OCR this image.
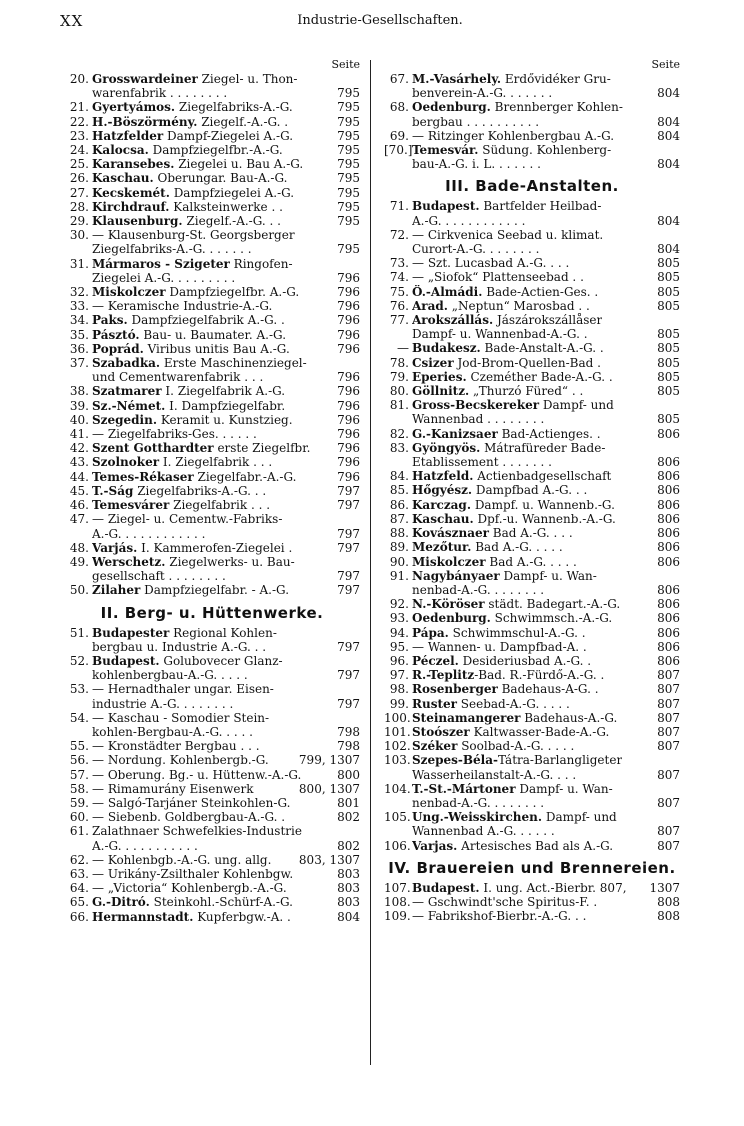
XX	Industrie-Gesellschaften.
Seite
20. Grosswardeiner Ziegel- u. Thon-
warenfabrik . . . . . . . .	795
21. Gyertyámos. Ziegelfabriks-A.-G.	795
22. H.-Böszörmény. Ziegelf.-A.-G. .	795
23. Hatzfelder Dampf-Ziegelei A.-G.	795
24. Kalocsa. Dampfziegelfbr.-A.-G.	795
25. Karansebes. Ziegelei u. Bau A.-G.	795
26. Kaschau. Oberungar. Bau-A.-G.	795
27. Kecskemét. Dampfziegelei A.-G.	795
28. Kirchdrauf. Kalksteinwerke . .	795
29. Klausenburg. Ziegelf.-A.-G. . .	795
30. — Klausenburg-St. Georgsberger
Ziegelfabriks-A.-G. . . . . . .	795
31. Mármaros - Szigeter Ringofen-
Ziegelei A.-G. . . . . . . . .	796
32. Miskolczer Dampfziegelfbr. A.-G.	796
33. — Keramische Industrie-A.-G.	796
34. Paks. Dampfziegelfabrik A.-G. .	796
35. Pásztó. Bau- u. Baumater. A.-G.	796
36. Poprád. Viribus unitis Bau A.-G.	796
37. Szabadka. Erste Maschinenziegel-
und Cementwarenfabrik . . .	796
38. Szatmarer I. Ziegelfabrik A.-G.	796
39. Sz.-Német. I. Dampfziegelfabr.	796
40. Szegedin. Keramit u. Kunstzieg.	796
41. — Ziegelfabriks-Ges. . . . . .	796
42. Szent Gotthardter erste Ziegelfbr.	796
43. Szolnoker I. Ziegelfabrik . . .	796
44. Temes-Rékaser Ziegelfabr.-A.-G.	796
45. T.-Ság Ziegelfabriks-A.-G. . .	797
46. Temesvárer Ziegelfabrik . . .	797
47. — Ziegel- u. Cementw.-Fabriks-
A.-G. . . . . . . . . . . .	797
48. Varjás. I. Kammerofen-Ziegelei .	797
49. Werschetz. Ziegelwerks- u. Bau-
gesellschaft . . . . . . . .	797
50. Zilaher Dampfziegelfabr. - A.-G.	797
II. Berg- u. Hüttenwerke.
51. Budapester Regional Kohlen-
bergbau u. Industrie A.-G. . .	797
52. Budapest. Golubovecer Glanz-
kohlenbergbau-A.-G. . . . .	797
53. — Hernadthaler ungar. Eisen-
industrie A.-G. . . . . . . .	797
54. — Kaschau - Somodier Stein-
kohlen-Bergbau-A.-G. . . . .	798
55. — Kronstädter Bergbau . . .	798
56. — Nordung. Kohlenbergb.-G.	799, 1307
57. — Oberung. Bg.- u. Hüttenw.-A.-G.	800
58. — Rimamurány Eisenwerk	800, 1307
59. — Salgó-Tarjáner Steinkohlen-G.	801
60. — Siebenb. Goldbergbau-A.-G. .	802
61. Zalathnaer Schwefelkies-Industrie
A.-G. . . . . . . . . . .	802
62. — Kohlenbgb.-A.-G. ung. allg.	803, 1307
63. — Urikány-Zsilthaler Kohlenbgw.	803
64. — „Victoria“ Kohlenbergb.-A.-G.	803
65. G.-Ditró. Steinkohl.-Schürf-A.-G.	803
66. Hermannstadt. Kupferbgw.-A. .	804
Seite
67. M.-Vasárhely. Erdővidéker Gru-
benverein-A.-G. . . . . . .	804
68. Oedenburg. Brennberger Kohlen-
bergbau . . . . . . . . . .	804
69. — Ritzinger Kohlenbergbau A.-G.	804
[70.] Temesvár. Südung. Kohlenberg-
bau-A.-G. i. L. . . . . . .	804
III. Bade-Anstalten.
71. Budapest. Bartfelder Heilbad-
A.-G. . . . . . . . . . . .	804
72. — Cirkvenica Seebad u. klimat.
Curort-A.-G. . . . . . . .	804
73. — Szt. Lucasbad A.-G. . . .	805
74. — „Siofok“ Plattenseebad . .	805
75. Ö.-Almádi. Bade-Actien-Ges. .	805
76. Arad. „Neptun“ Marosbad . .	805
77. Arokszállás. Jászárokszállåser
Dampf- u. Wannenbad-A.-G. .	805
— Budakesz. Bade-Anstalt-A.-G. .	805
78. Csizer Jod-Brom-Quellen-Bad .	805
79. Eperies. Czeméther Bade-A.-G. .	805
80. Göllnitz. „Thurzó Füred“ . .	805
81. Gross-Becskereker Dampf- und
Wannenbad . . . . . . . .	805
82. G.-Kanizsaer Bad-Actienges. .	806
83. Gyöngyös. Mátrafüreder Bade-
Etablissement . . . . . . .	806
84. Hatzfeld. Actienbadgesellschaft	806
85. Hőgyész. Dampfbad A.-G. . .	806
86. Karczag. Dampf. u. Wannenb.-G.	806
87. Kaschau. Dpf.-u. Wannenb.-A.-G.	806
88. Kovásznaer Bad A.-G. . . .	806
89. Mezőtur. Bad A.-G. . . . .	806
90. Miskolczer Bad A.-G. . . . .	806
91. Nagybányaer Dampf- u. Wan-
nenbad-A.-G. . . . . . . .	806
92. N.-Köröser städt. Badegart.-A.-G.	806
93. Oedenburg. Schwimmsch.-A.-G.	806
94. Pápa. Schwimmschul-A.-G. .	806
95. — Wannen- u. Dampfbad-A. .	806
96. Péczel. Desideriusbad A.-G. .	806
97. R.-Teplitz-Bad. R.-Fürdő-A.-G. .	807
98. Rosenberger Badehaus-A-G. .	807
99. Ruster Seebad-A.-G. . . . .	807
100. Steinamangerer Badehaus-A.-G.	807
101. Stoószer Kaltwasser-Bade-A.-G.	807
102. Széker Soolbad-A.-G. . . . .	807
103. Szepes-Béla-Tátra-Barlangligeter
Wasserheilanstalt-A.-G. . . .	807
104. T.-St.-Mártoner Dampf- u. Wan-
nenbad-A.-G. . . . . . . .	807
105. Ung.-Weisskirchen. Dampf- und
Wannenbad A.-G. . . . . .	807
106. Varjas. Artesisches Bad als A.-G.	807
IV. Brauereien und Brennereien.
107. Budapest. I. ung. Act.-Bierbr. 807,	1307
108. — Gschwindt'sche Spiritus-F. .	808
109. — Fabrikshof-Bierbr.-A.-G. . .	808
